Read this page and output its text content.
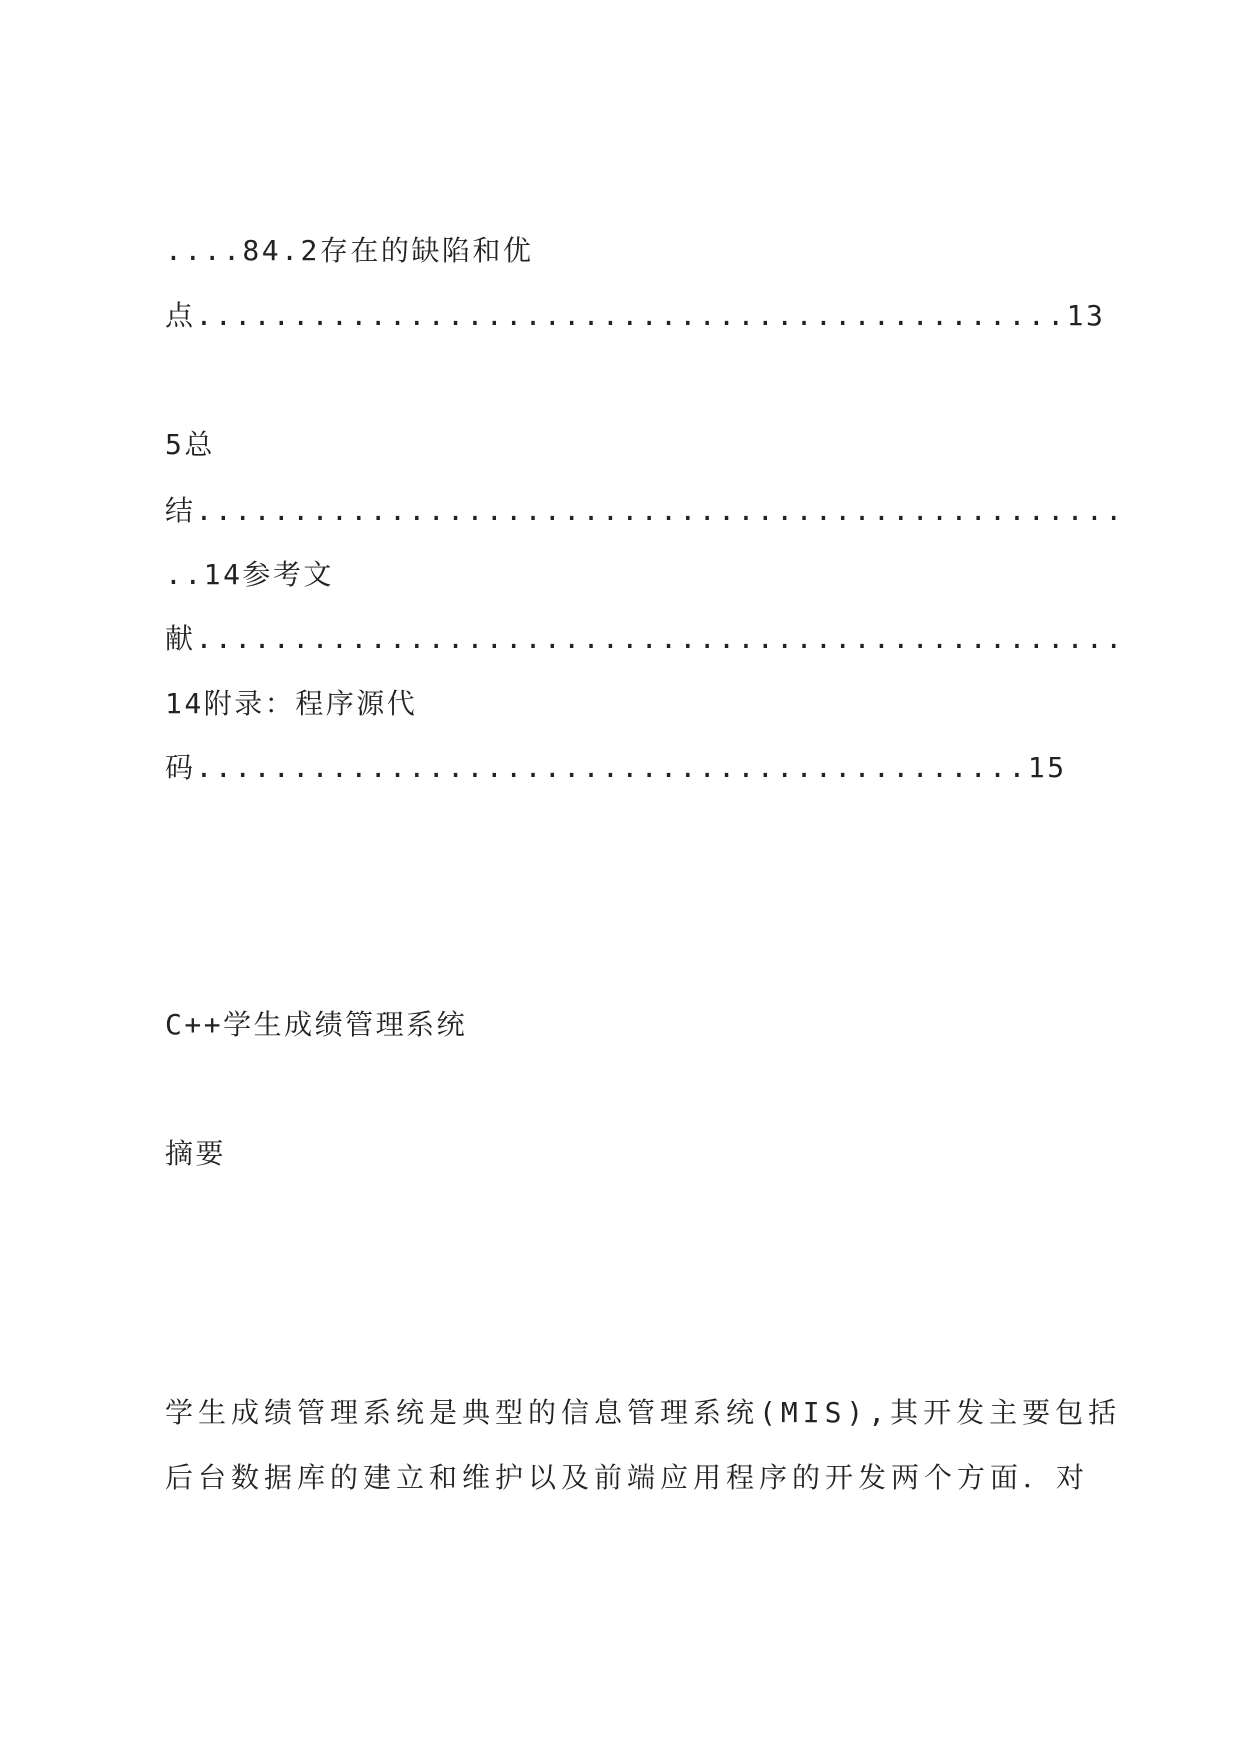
....84.2存在的缺陷和优
点.............................................13
5总
结................................................
..14参考文
献................................................
14附录：程序源代
码...........................................15
C++学生成绩管理系统
摘要
学生成绩管理系统是典型的信息管理系统(MIS),其开发主要包括
后台数据库的建立和维护以及前端应用程序的开发两个方面．对
